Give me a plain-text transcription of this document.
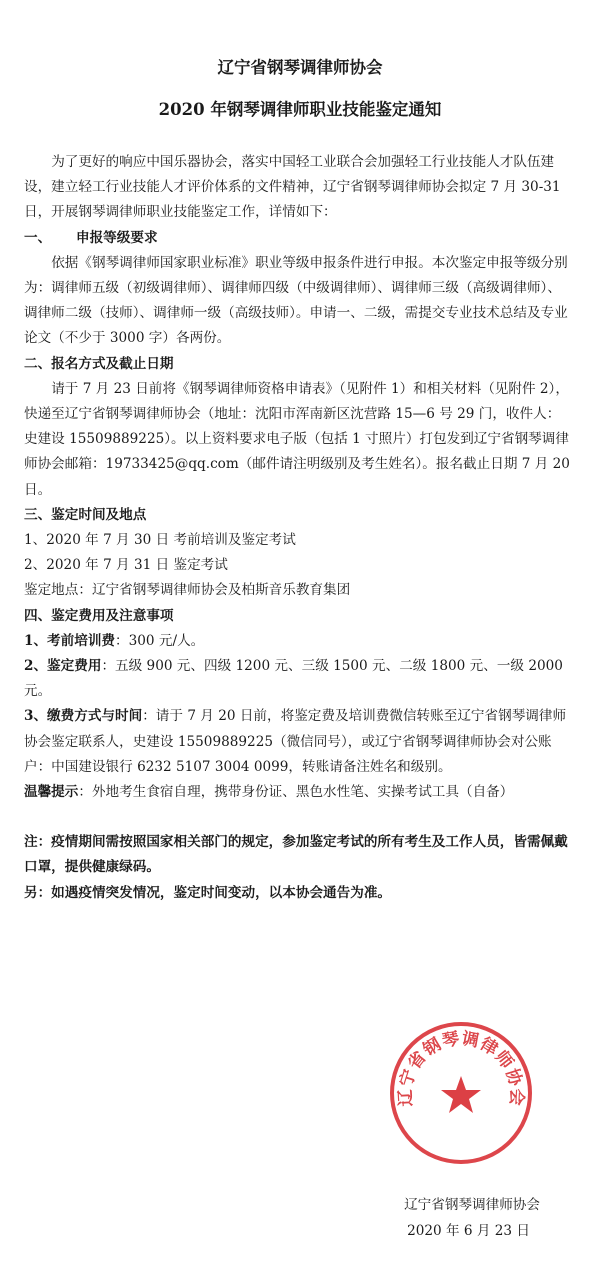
辽宁省钢琴调律师协会
2020 年钢琴调律师职业技能鉴定通知

为了更好的响应中国乐器协会，落实中国轻工业联合会加强轻工行业技能人才队伍建设，建立轻工行业技能人才评价体系的文件精神，辽宁省钢琴调律师协会拟定 7 月 30-31 日，开展钢琴调律师职业技能鉴定工作，详情如下：

一、 申报等级要求

依据《钢琴调律师国家职业标准》职业等级申报条件进行申报。本次鉴定申报等级分别为：调律师五级（初级调律师）、调律师四级（中级调律师）、调律师三级（高级调律师）、调律师二级（技师）、调律师一级（高级技师）。申请一、二级，需提交专业技术总结及专业论文（不少于 3000 字）各两份。

二、报名方式及截止日期

请于 7 月 23 日前将《钢琴调律师资格申请表》（见附件 1）和相关材料（见附件 2），快递至辽宁省钢琴调律师协会（地址：沈阳市浑南新区沈营路 15—6 号 29 门，收件人：史建设 15509889225）。以上资料要求电子版（包括 1 寸照片）打包发到辽宁省钢琴调律师协会邮箱：19733425@qq.com（邮件请注明级别及考生姓名）。报名截止日期 7 月 20 日。

三、鉴定时间及地点

1、2020 年 7 月 30 日 考前培训及鉴定考试

2、2020 年 7 月 31 日 鉴定考试

鉴定地点：辽宁省钢琴调律师协会及柏斯音乐教育集团

四、鉴定费用及注意事项

1、考前培训费：300 元/人。

2、鉴定费用：五级 900 元、四级 1200 元、三级 1500 元、二级 1800 元、一级 2000 元。

3、缴费方式与时间：请于 7 月 20 日前，将鉴定费及培训费微信转账至辽宁省钢琴调律师协会鉴定联系人，史建设 15509889225（微信同号），或辽宁省钢琴调律师协会对公账户：中国建设银行 6232 5107 3004 0099，转账请备注姓名和级别。

温馨提示：外地考生食宿自理，携带身份证、黑色水性笔、实操考试工具（自备）

注：疫情期间需按照国家相关部门的规定，参加鉴定考试的所有考生及工作人员，皆需佩戴口罩，提供健康绿码。

另：如遇疫情突发情况，鉴定时间变动，以本协会通告为准。

辽宁省钢琴调律师协会
辽宁省钢琴调律师协会
2020 年 6 月 23 日
